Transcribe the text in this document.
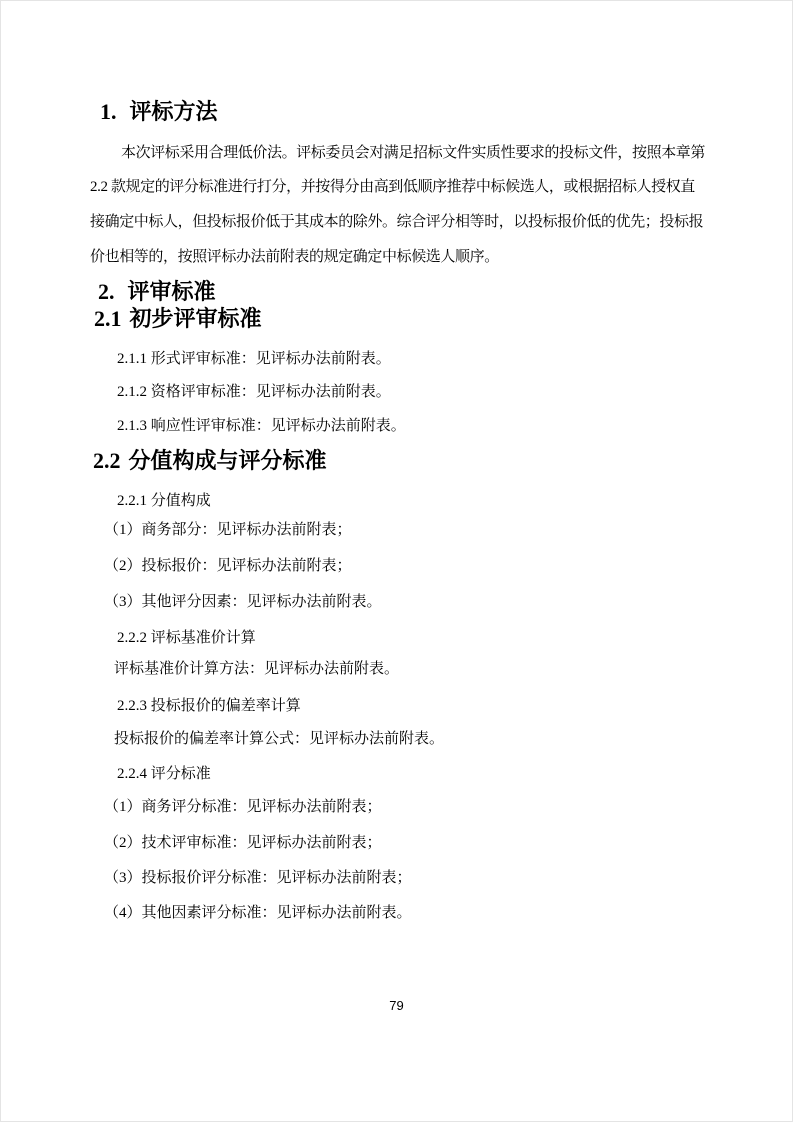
1. 评标方法
本次评标采用合理低价法。评标委员会对满足招标文件实质性要求的投标文件，按照本章第
2.2 款规定的评分标准进行打分，并按得分由高到低顺序推荐中标候选人，或根据招标人授权直
接确定中标人，但投标报价低于其成本的除外。综合评分相等时，以投标报价低的优先；投标报
价也相等的，按照评标办法前附表的规定确定中标候选人顺序。
2. 评审标准
2.1 初步评审标准
2.1.1 形式评审标准：见评标办法前附表。
2.1.2 资格评审标准：见评标办法前附表。
2.1.3 响应性评审标准：见评标办法前附表。
2.2 分值构成与评分标准
2.2.1 分值构成
（1）商务部分：见评标办法前附表；
（2）投标报价：见评标办法前附表；
（3）其他评分因素：见评标办法前附表。
2.2.2 评标基准价计算
评标基准价计算方法：见评标办法前附表。
2.2.3 投标报价的偏差率计算
投标报价的偏差率计算公式：见评标办法前附表。
2.2.4 评分标准
（1）商务评分标准：见评标办法前附表；
（2）技术评审标准：见评标办法前附表；
（3）投标报价评分标准：见评标办法前附表；
（4）其他因素评分标准：见评标办法前附表。
79
